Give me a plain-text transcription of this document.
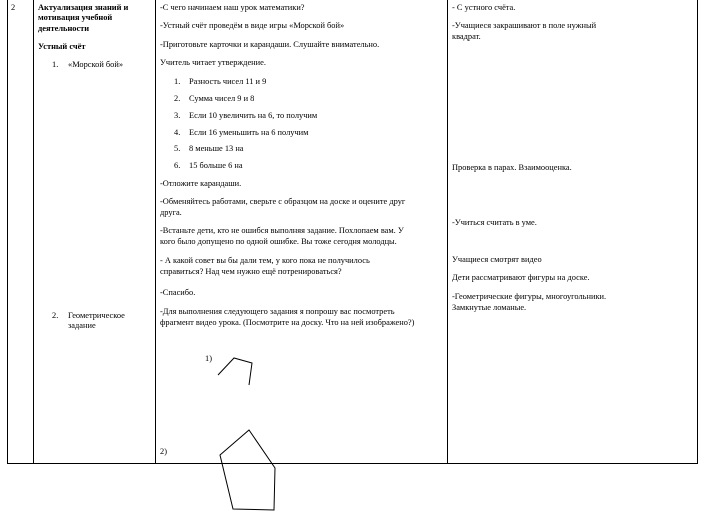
2	Актуализация знаний и
мотивация учебной
деятельности
Устный счёт
1. «Морской бой»
2. Геометрическое
задание
-С чего начинаем наш урок математики?
-Устный счёт проведём в виде игры «Морской бой»
-Приготовьте карточки и карандаши. Слушайте внимательно.
Учитель читает утверждение.
1. Разность чисел 11 и 9
2. Сумма чисел 9 и 8
3. Если 10 увеличить на 6, то получим
4. Если 16 уменьшить на 6 получим
5. 8 меньше 13 на
6. 15 больше 6 на
-Отложите карандаши.
-Обменяйтесь работами, сверьте с образцом на доске и оцените друг
друга.
-Встаньте дети, кто не ошибся выполняя задание. Похлопаем вам. У
кого было допущено по одной ошибке. Вы тоже сегодня молодцы.
- А какой совет вы бы дали тем, у кого пока не получилось
справиться? Над чем нужно ещё потренироваться?
-Спасибо.
-Для выполнения следующего задания я попрошу вас посмотреть
фрагмент видео урока. (Посмотрите на доску. Что на ней изображено?)
1)
2)
- С устного счёта.
-Учащиеся закрашивают в поле нужный
квадрат.
Проверка в парах. Взаимооценка.
-Учиться считать в уме.
Учащиеся смотрят видео
Дети рассматривают фигуры на доске.
-Геометрические фигуры, многоугольники.
Замкнутые ломаные.
